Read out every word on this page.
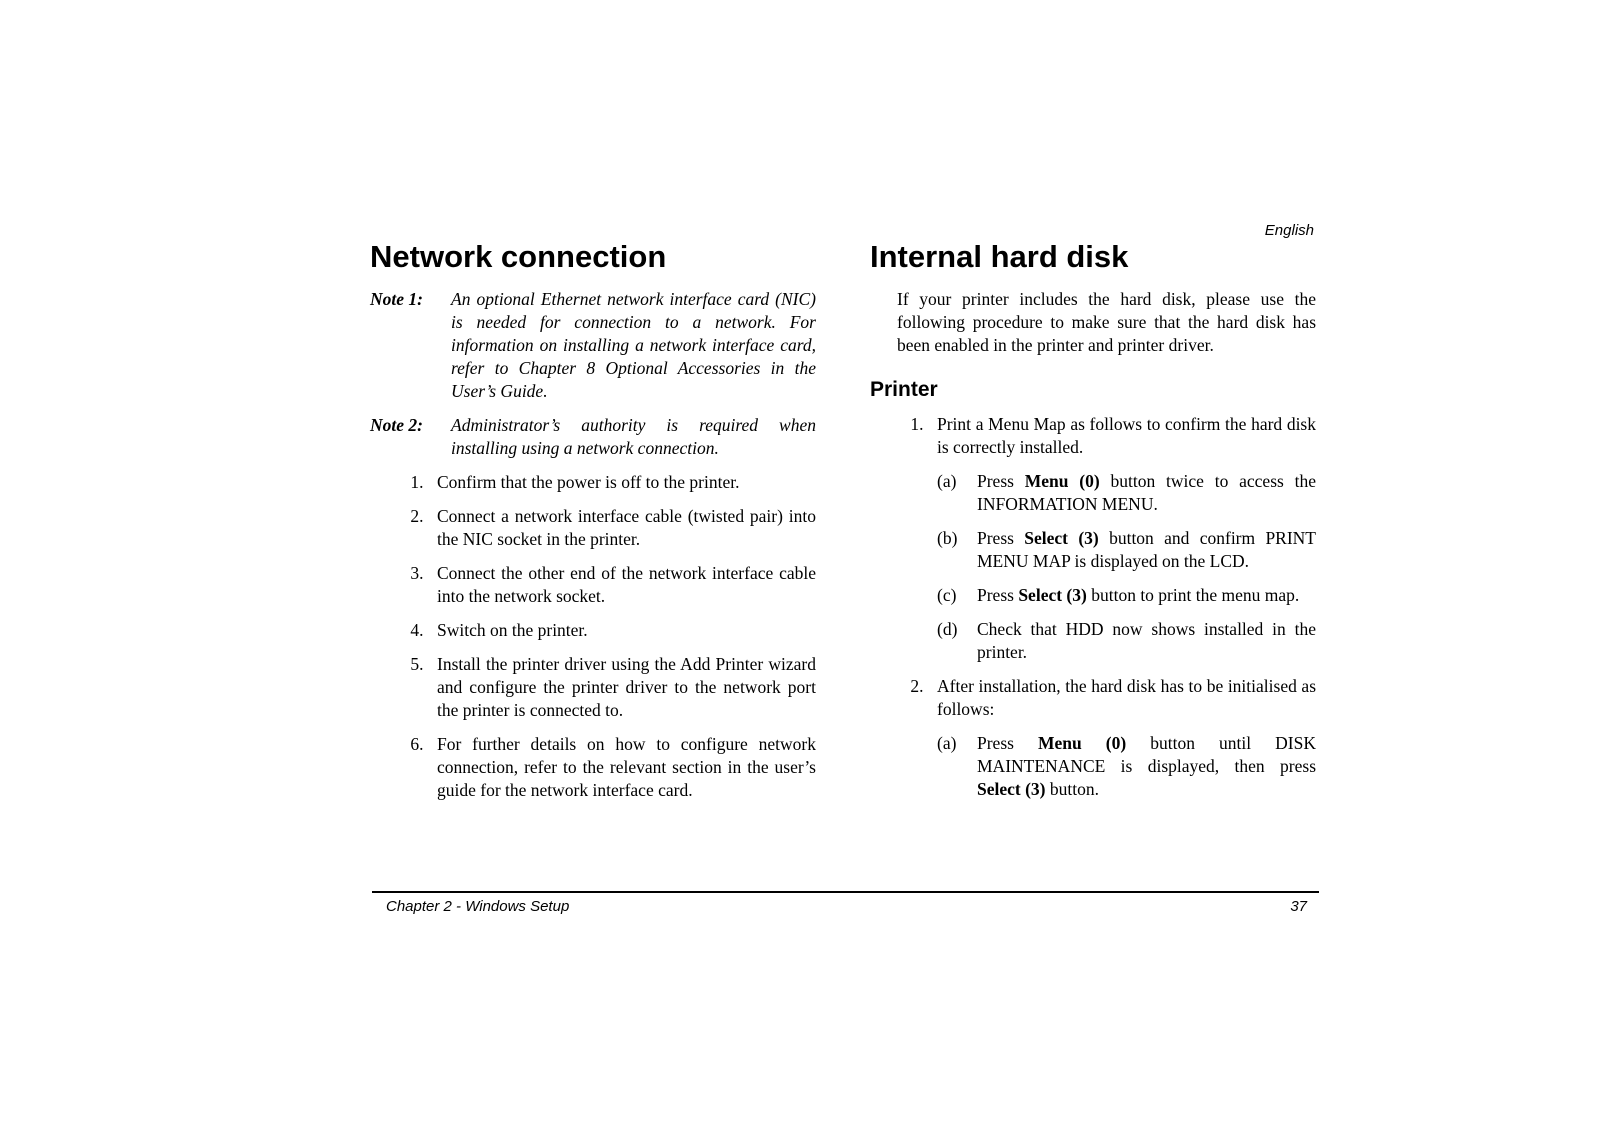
English
Network connection
Note 1:	An optional Ethernet network interface card (NIC) is needed for connection to a network. For information on installing a network interface card, refer to Chapter 8 Optional Accessories in the User’s Guide.
Note 2:	Administrator’s authority is required when installing using a network connection.
1. Confirm that the power is off to the printer.
2. Connect a network interface cable (twisted pair) into the NIC socket in the printer.
3. Connect the other end of the network interface cable into the network socket.
4. Switch on the printer.
5. Install the printer driver using the Add Printer wizard and configure the printer driver to the network port the printer is connected to.
6. For further details on how to configure network connection, refer to the relevant section in the user’s guide for the network interface card.
Internal hard disk

If your printer includes the hard disk, please use the following procedure to make sure that the hard disk has been enabled in the printer and printer driver.

Printer
1. Print a Menu Map as follows to confirm the hard disk is correctly installed.
(a)	Press Menu (0) button twice to access the INFORMATION MENU.
(b)	Press Select (3) button and confirm PRINT MENU MAP is displayed on the LCD.
(c)	Press Select (3) button to print the menu map.
(d)	Check that HDD now shows installed in the printer.
2. After installation, the hard disk has to be initialised as follows:
(a)	Press Menu (0) button until DISK MAINTENANCE is displayed, then press Select (3) button.
Chapter 2 - Windows Setup	37
